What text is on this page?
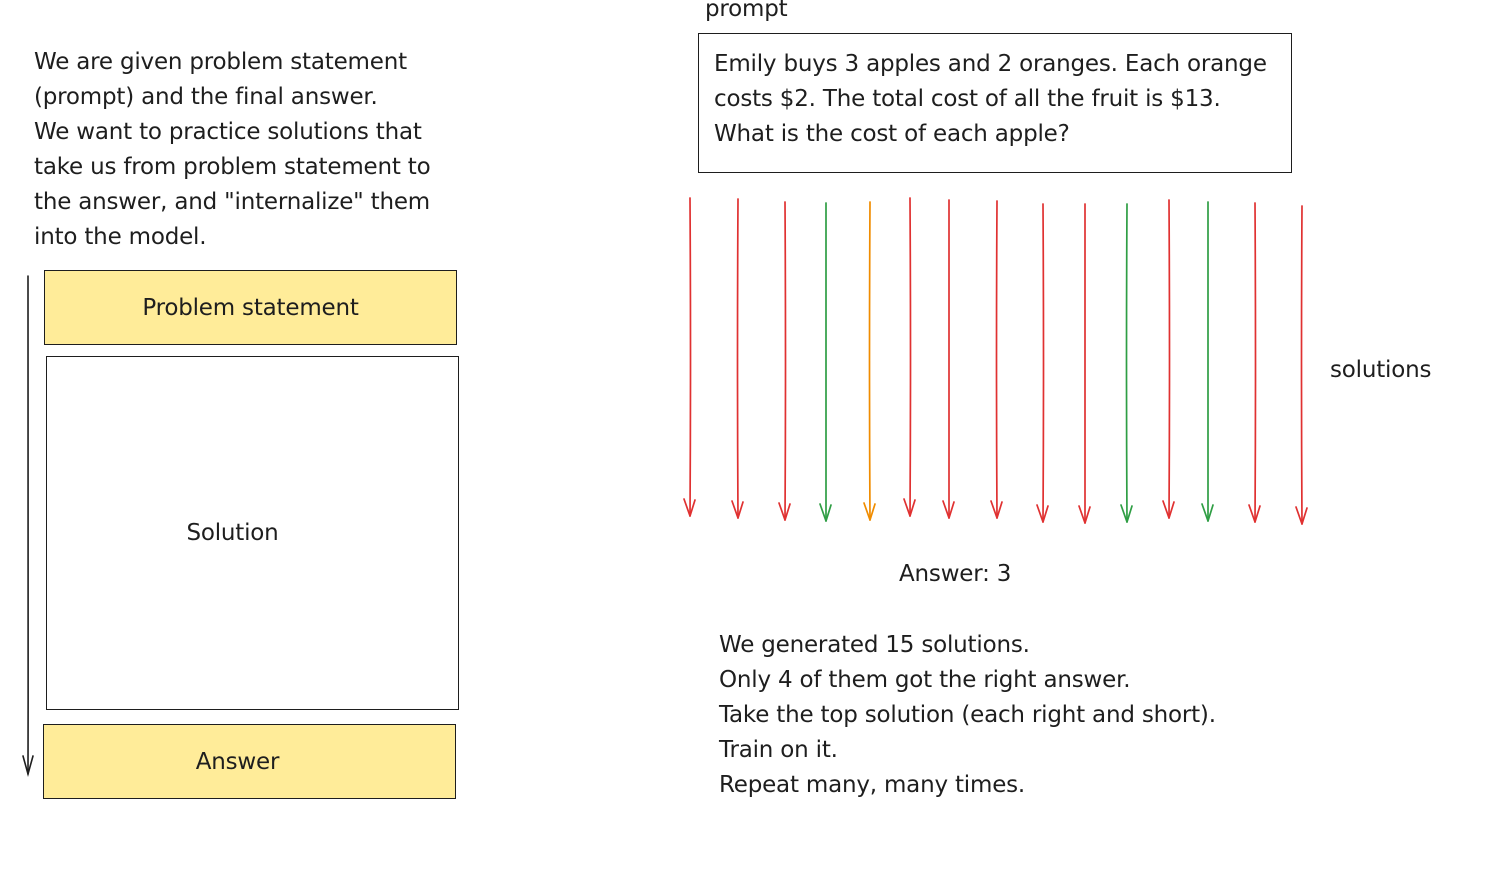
We are given problem statement
(prompt) and the final answer.
We want to practice solutions that
take us from problem statement to
the answer, and "internalize" them
into the model.
Problem statement
Solution
Answer
prompt
Emily buys 3 apples and 2 oranges. Each orange
costs $2. The total cost of all the fruit is $13.
What is the cost of each apple?
solutions
Answer: 3
We generated 15 solutions.
Only 4 of them got the right answer.
Take the top solution (each right and short).
Train on it.
Repeat many, many times.
